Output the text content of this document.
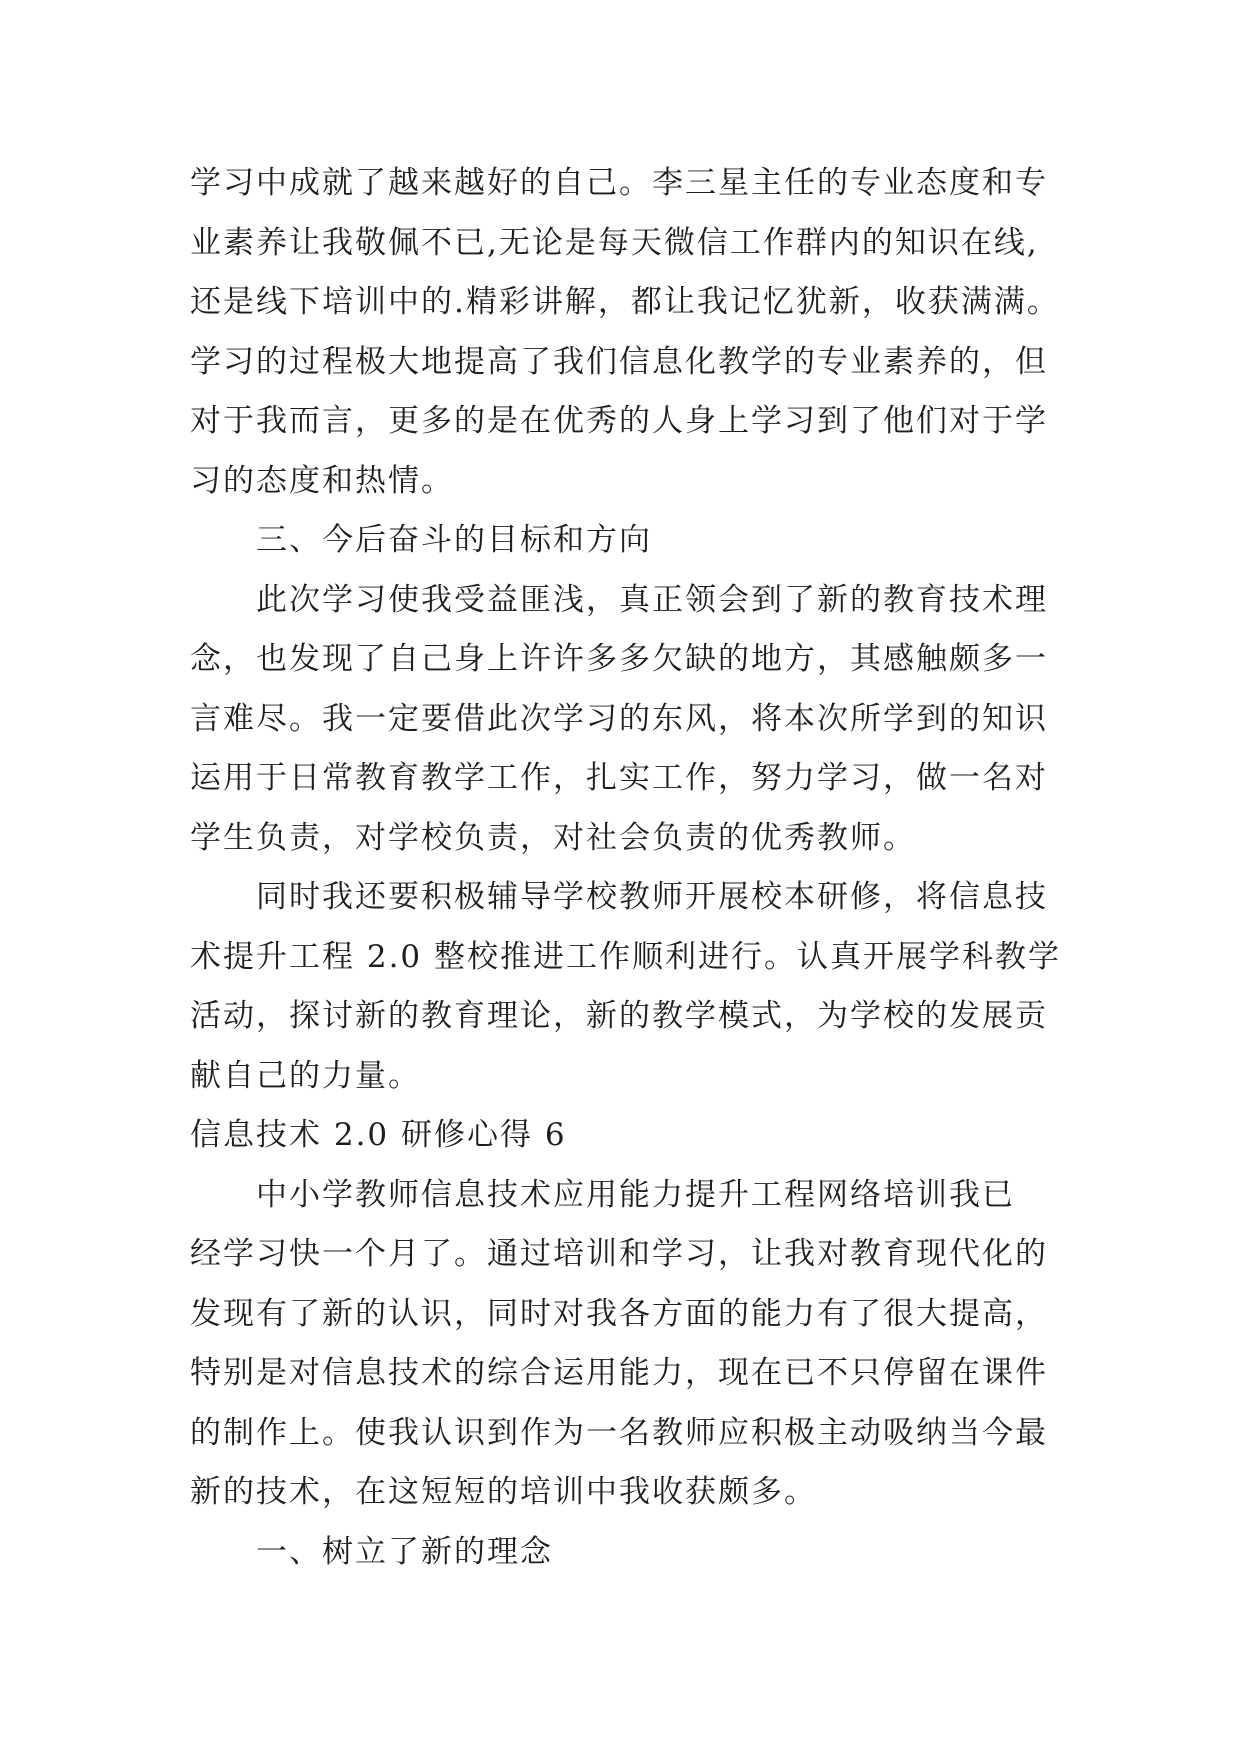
学习中成就了越来越好的自己。李三星主任的专业态度和专
业素养让我敬佩不已,无论是每天微信工作群内的知识在线,
还是线下培训中的.精彩讲解，都让我记忆犹新，收获满满。
学习的过程极大地提高了我们信息化教学的专业素养的，但
对于我而言，更多的是在优秀的人身上学习到了他们对于学
习的态度和热情。
三、今后奋斗的目标和方向
此次学习使我受益匪浅，真正领会到了新的教育技术理
念，也发现了自己身上许许多多欠缺的地方，其感触颇多一
言难尽。我一定要借此次学习的东风，将本次所学到的知识
运用于日常教育教学工作，扎实工作，努力学习，做一名对
学生负责，对学校负责，对社会负责的优秀教师。
同时我还要积极辅导学校教师开展校本研修，将信息技
术提升工程 2.0 整校推进工作顺利进行。认真开展学科教学
活动，探讨新的教育理论，新的教学模式，为学校的发展贡
献自己的力量。
信息技术 2.0 研修心得 6
中小学教师信息技术应用能力提升工程网络培训我已
经学习快一个月了。通过培训和学习，让我对教育现代化的
发现有了新的认识，同时对我各方面的能力有了很大提高，
特别是对信息技术的综合运用能力，现在已不只停留在课件
的制作上。使我认识到作为一名教师应积极主动吸纳当今最
新的技术，在这短短的培训中我收获颇多。
一、树立了新的理念
